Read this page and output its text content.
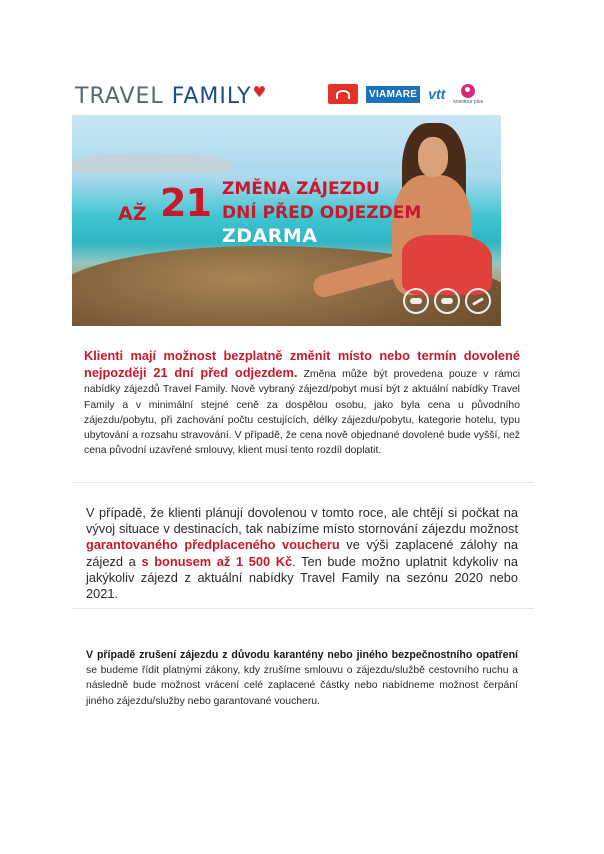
TRAVEL FAMILY♥	VIAMARE vtt kovotour plus
AŽ 21 ZMĚNA ZÁJEZDU
DNÍ PŘED ODJEZDEM
ZDARMA
Klienti mají možnost bezplatně změnit místo nebo termín dovolené nejpozději 21 dní před odjezdem. Změna může být provedena pouze v rámci nabídky zájezdů Travel Family. Nově vybraný zájezd/pobyt musí být z aktuální nabídky Travel Family a v minimální stejné ceně za dospělou osobu, jako byla cena u původního zájezdu/pobytu, při zachování počtu cestujících, délky zájezdu/pobytu, kategorie hotelu, typu ubytování a rozsahu stravování. V případě, že cena nově objednané dovolené bude vyšší, než cena původní uzavřené smlouvy, klient musí tento rozdíl doplatit.
V případě, že klienti plánují dovolenou v tomto roce, ale chtějí si počkat na vývoj situace v destinacích, tak nabízíme místo stornování zájezdu možnost garantovaného předplaceného voucheru ve výši zaplacené zálohy na zájezd a s bonusem až 1 500 Kč. Ten bude možno uplatnit kdykoliv na jakýkoliv zájezd z aktuální nabídky Travel Family na sezónu 2020 nebo 2021.
V případě zrušení zájezdu z důvodu karantény nebo jiného bezpečnostního opatření se budeme řídit platnými zákony, kdy zrušíme smlouvu o zájezdu/službě cestovního ruchu a následně bude možnost vrácení celé zaplacené částky nebo nabídneme možnost čerpání jiného zájezdu/služby nebo garantované voucheru.
